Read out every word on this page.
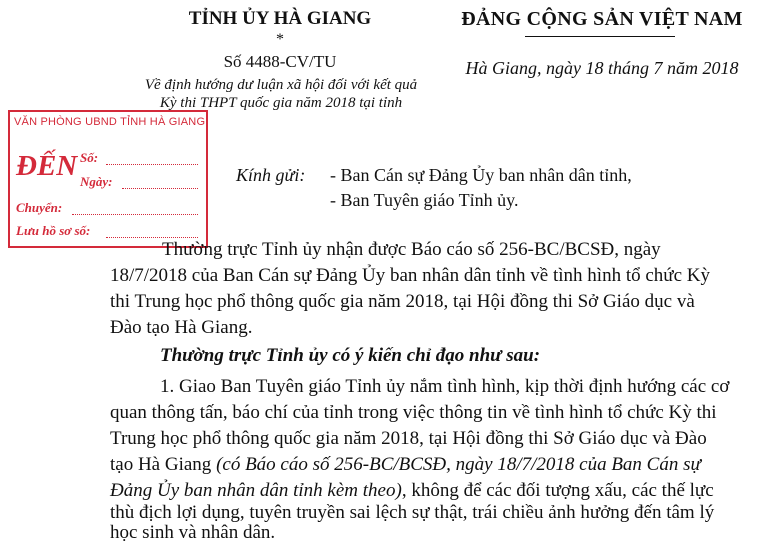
TỈNH ỦY HÀ GIANG
*
Số 4488-CV/TU
Về định hướng dư luận xã hội đối với kết quả
Kỳ thi THPT quốc gia năm 2018 tại tỉnh
ĐẢNG CỘNG SẢN VIỆT NAM
Hà Giang, ngày 18 tháng 7 năm 2018
VĂN PHÒNG UBND TỈNH HÀ GIANG
ĐẾN Số:
Ngày:
Chuyển:
Lưu hồ sơ số:
Kính gửi: - Ban Cán sự Đảng Ủy ban nhân dân tỉnh,
- Ban Tuyên giáo Tỉnh ủy.
Thường trực Tỉnh ủy nhận được Báo cáo số 256-BC/BCSĐ, ngày
18/7/2018 của Ban Cán sự Đảng Ủy ban nhân dân tỉnh về tình hình tổ chức Kỳ
thi Trung học phổ thông quốc gia năm 2018, tại Hội đồng thi Sở Giáo dục và
Đào tạo Hà Giang.
Thường trực Tỉnh ủy có ý kiến chỉ đạo như sau:
1. Giao Ban Tuyên giáo Tỉnh ủy nắm tình hình, kịp thời định hướng các cơ
quan thông tấn, báo chí của tỉnh trong việc thông tin về tình hình tổ chức Kỳ thi
Trung học phổ thông quốc gia năm 2018, tại Hội đồng thi Sở Giáo dục và Đào
tạo Hà Giang (có Báo cáo số 256-BC/BCSĐ, ngày 18/7/2018 của Ban Cán sự
Đảng Ủy ban nhân dân tỉnh kèm theo), không để các đối tượng xấu, các thế lực
thù địch lợi dụng, tuyên truyền sai lệch sự thật, trái chiều ảnh hưởng đến tâm lý
học sinh và nhân dân.
